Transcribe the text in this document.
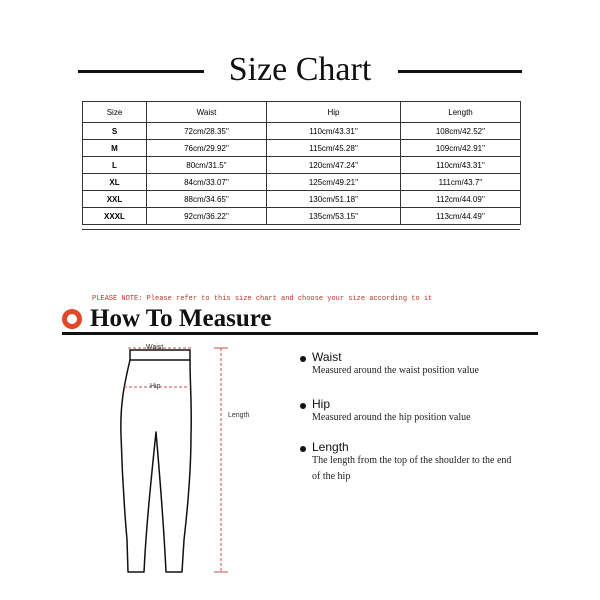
Size Chart
Size	Waist	Hip	Length
S	72cm/28.35''	110cm/43.31''	108cm/42.52''
M	76cm/29.92''	115cm/45.28''	109cm/42.91''
L	80cm/31.5''	120cm/47.24''	110cm/43.31''
XL	84cm/33.07''	125cm/49.21''	111cm/43.7''
XXL	88cm/34.65''	130cm/51.18''	112cm/44.09''
XXXL	92cm/36.22''	135cm/53.15''	113cm/44.49''
PLEASE NOTE: Please refer to this size chart and choose your size according to it
How To Measure
Waist
Hip
Length
Waist
Measured around the waist position value
Hip
Measured around the hip position value
Length
The length from the top of the shoulder to the end of the hip
